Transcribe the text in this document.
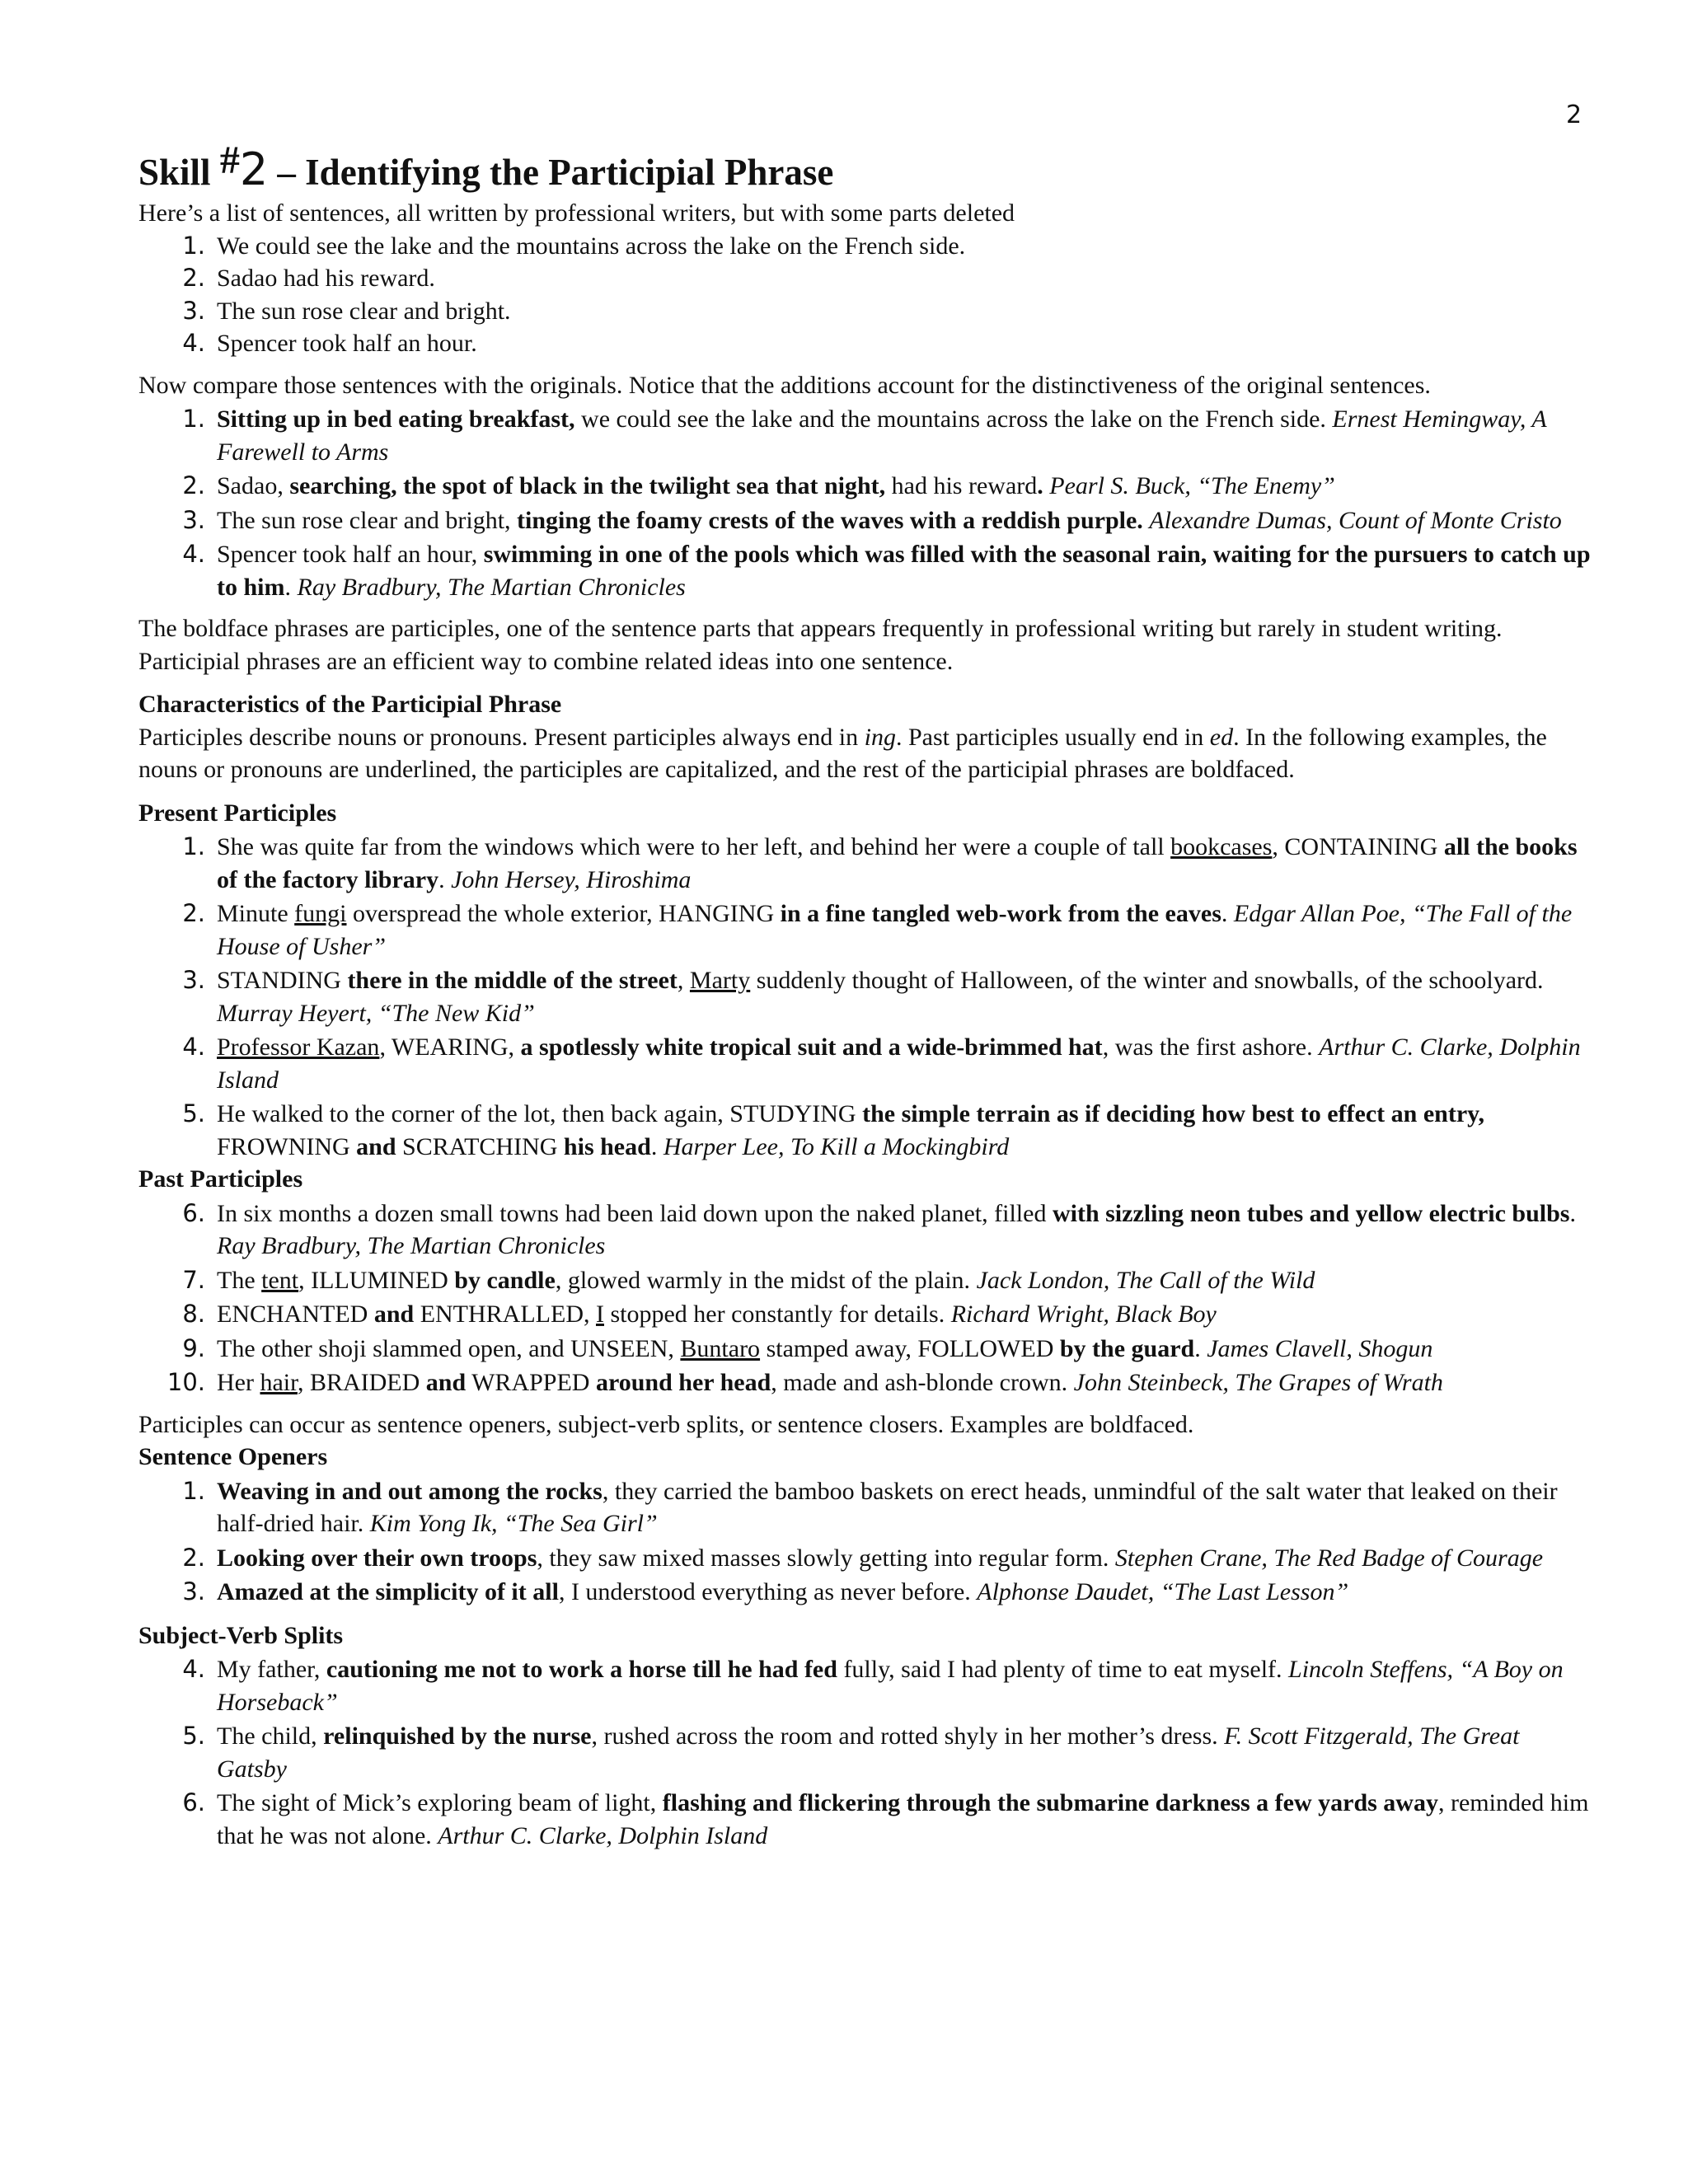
2
Skill #2 – Identifying the Participial Phrase

Here’s a list of sentences, all written by professional writers, but with some parts deleted

1. We could see the lake and the mountains across the lake on the French side.
2. Sadao had his reward.
3. The sun rose clear and bright.
4. Spencer took half an hour.

Now compare those sentences with the originals. Notice that the additions account for the distinctiveness of the original sentences.

1. Sitting up in bed eating breakfast, we could see the lake and the mountains across the lake on the French side. Ernest Hemingway, A Farewell to Arms
2. Sadao, searching, the spot of black in the twilight sea that night, had his reward. Pearl S. Buck, “The Enemy”
3. The sun rose clear and bright, tinging the foamy crests of the waves with a reddish purple. Alexandre Dumas, Count of Monte Cristo
4. Spencer took half an hour, swimming in one of the pools which was filled with the seasonal rain, waiting for the pursuers to catch up to him. Ray Bradbury, The Martian Chronicles

The boldface phrases are participles, one of the sentence parts that appears frequently in professional writing but rarely in student writing. Participial phrases are an efficient way to combine related ideas into one sentence.

Characteristics of the Participial Phrase

Participles describe nouns or pronouns. Present participles always end in ing. Past participles usually end in ed. In the following examples, the nouns or pronouns are underlined, the participles are capitalized, and the rest of the participial phrases are boldfaced.

Present Participles

1. She was quite far from the windows which were to her left, and behind her were a couple of tall bookcases, CONTAINING all the books of the factory library. John Hersey, Hiroshima
2. Minute fungi overspread the whole exterior, HANGING in a fine tangled web-work from the eaves. Edgar Allan Poe, “The Fall of the House of Usher”
3. STANDING there in the middle of the street, Marty suddenly thought of Halloween, of the winter and snowballs, of the schoolyard. Murray Heyert, “The New Kid”
4. Professor Kazan, WEARING, a spotlessly white tropical suit and a wide-brimmed hat, was the first ashore. Arthur C. Clarke, Dolphin Island
5. He walked to the corner of the lot, then back again, STUDYING the simple terrain as if deciding how best to effect an entry, FROWNING and SCRATCHING his head. Harper Lee, To Kill a Mockingbird

Past Participles

6. In six months a dozen small towns had been laid down upon the naked planet, filled with sizzling neon tubes and yellow electric bulbs. Ray Bradbury, The Martian Chronicles
7. The tent, ILLUMINED by candle, glowed warmly in the midst of the plain. Jack London, The Call of the Wild
8. ENCHANTED and ENTHRALLED, I stopped her constantly for details. Richard Wright, Black Boy
9. The other shoji slammed open, and UNSEEN, Buntaro stamped away, FOLLOWED by the guard. James Clavell, Shogun
10. Her hair, BRAIDED and WRAPPED around her head, made and ash-blonde crown. John Steinbeck, The Grapes of Wrath

Participles can occur as sentence openers, subject-verb splits, or sentence closers. Examples are boldfaced.

Sentence Openers

1. Weaving in and out among the rocks, they carried the bamboo baskets on erect heads, unmindful of the salt water that leaked on their half-dried hair. Kim Yong Ik, “The Sea Girl”
2. Looking over their own troops, they saw mixed masses slowly getting into regular form. Stephen Crane, The Red Badge of Courage
3. Amazed at the simplicity of it all, I understood everything as never before. Alphonse Daudet, “The Last Lesson”

Subject-Verb Splits

4. My father, cautioning me not to work a horse till he had fed fully, said I had plenty of time to eat myself. Lincoln Steffens, “A Boy on Horseback”
5. The child, relinquished by the nurse, rushed across the room and rotted shyly in her mother’s dress. F. Scott Fitzgerald, The Great Gatsby
6. The sight of Mick’s exploring beam of light, flashing and flickering through the submarine darkness a few yards away, reminded him that he was not alone. Arthur C. Clarke, Dolphin Island
